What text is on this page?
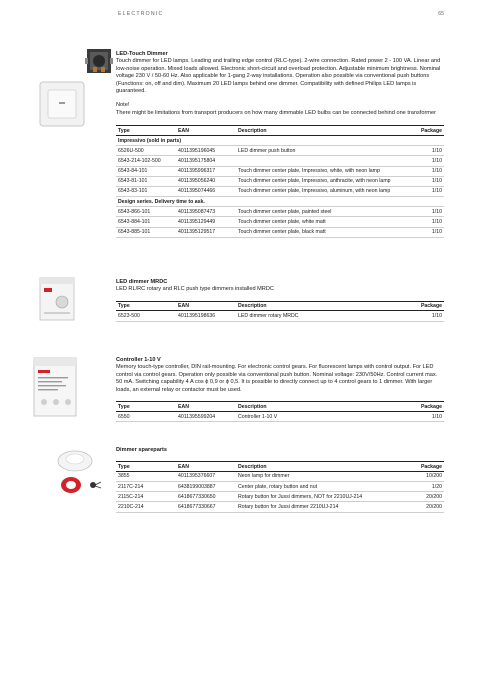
ELECTRONIC	65
LED-Touch Dimmer
Touch dimmer for LED lamps. Leading and trailing edge control (RLC-type). 2-wire connection. Rated power 2 - 100 VA. Linear and low-noise operation. Mixed loads allowed. Electronic short-circuit and overload protection. Adjustable minimum brightness. Nominal voltage 230 V / 50-60 Hz. Also applicable for 1-gang 2-way installations. Operation also possible via conventional push buttons (Functions: on, off and dim). Maximum 20 LED lamps behind one dimmer. Compatibility with defined Philips LED lamps is guaranteed.
Note!
There might be limitations from transport producers on how many dimmable LED bulbs can be connected behind one transformer
Type	EAN	Description	Package
Impressivo (sold in parts)			
6526U-500	4011395196045	LED dimmer push button	1/10
6543-214-102-500	4011395175804		1/10
6543-84-101	4011395996317	Touch dimmer center plate, Impressivo, white, with neon lamp	1/10
6543-81-101	4011395056240	Touch dimmer center plate, Impressivo, anthracite, with neon lamp	1/10
6543-83-101	4011395074466	Touch dimmer center plate, Impressivo, aluminum, with neon lamp	1/10
Design series. Delivery time to ask.			
6543-866-101	4011395087473	Touch dimmer center plate, painted steel	1/10
6543-884-101	4011395129449	Touch dimmer center plate, white matt	1/10
6543-885-101	4011395129517	Touch dimmer center plate, black matt	1/10
LED dimmer MRDC
LED RL/RC rotary and RLC push type dimmers installed MRDC
Type	EAN	Description	Package
6523-500	4011395198636	LED dimmer rotary MRDC	1/10
Controller 1-10 V
Memory touch-type controller, DIN rail-mounting. For electronic control gears. For fluorescent lamps with control output. For LED control via control gears. Operation only possible via conventional push button. Nominal voltage: 230V/50Hz. Control current max. 50 mA. Switching capability 4 A cos ϕ 0,9 or ϕ 0,5. It is possible to directly connect up to 4 control gears to 1 dimmer. With larger loads, an external relay or contactor must be used.
Type	EAN	Description	Package
6550	4011395599204	Controller 1-10 V	1/10
Dimmer spareparts
Type	EAN	Description	Package
3855	4011395376607	Neon lamp for dimmer	10/200
2117C-214	6438199003887	Center plate, rotary button and nut	1/20
2115C-214	6418677330650	Rotary button for Jussi dimmers, NOT for 2210UJ-214	20/200
2210C-214	6418677330667	Rotary button for Jussi dimmer 2210UJ-214	20/200
